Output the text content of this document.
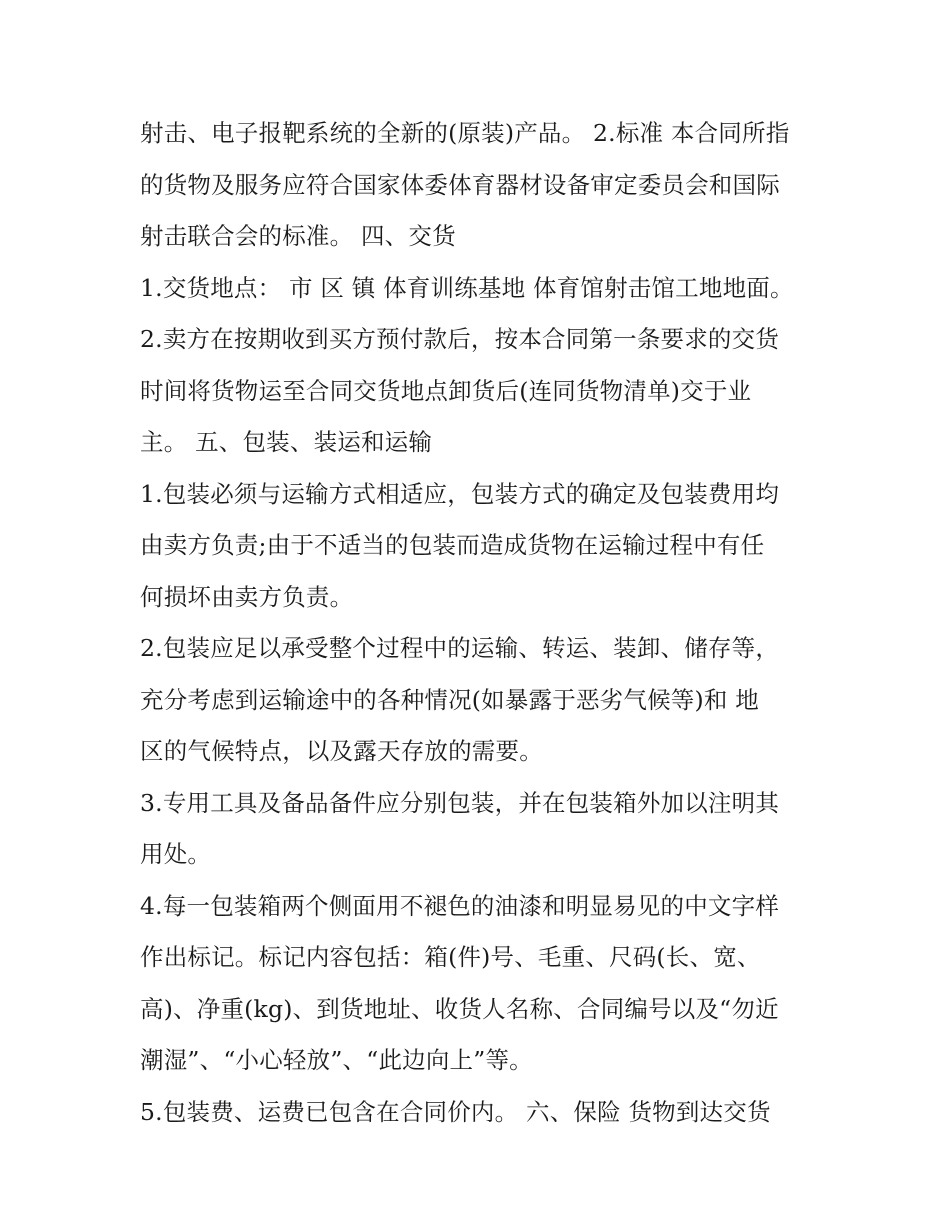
射击、电子报靶系统的全新的(原装)产品。 2.标准 本合同所指
的货物及服务应符合国家体委体育器材设备审定委员会和国际
射击联合会的标准。 四、交货
1.交货地点： 市 区 镇 体育训练基地 体育馆射击馆工地地面。
2.卖方在按期收到买方预付款后，按本合同第一条要求的交货
时间将货物运至合同交货地点卸货后(连同货物清单)交于业
主。 五、包装、装运和运输
1.包装必须与运输方式相适应，包装方式的确定及包装费用均
由卖方负责;由于不适当的包装而造成货物在运输过程中有任
何损坏由卖方负责。
2.包装应足以承受整个过程中的运输、转运、装卸、储存等，
充分考虑到运输途中的各种情况(如暴露于恶劣气候等)和 地
区的气候特点，以及露天存放的需要。
3.专用工具及备品备件应分别包装，并在包装箱外加以注明其
用处。
4.每一包装箱两个侧面用不褪色的油漆和明显易见的中文字样
作出标记。标记内容包括：箱(件)号、毛重、尺码(长、宽、
高)、净重(kg)、到货地址、收货人名称、合同编号以及“勿近
潮湿”、“小心轻放”、“此边向上”等。
5.包装费、运费已包含在合同价内。 六、保险 货物到达交货
